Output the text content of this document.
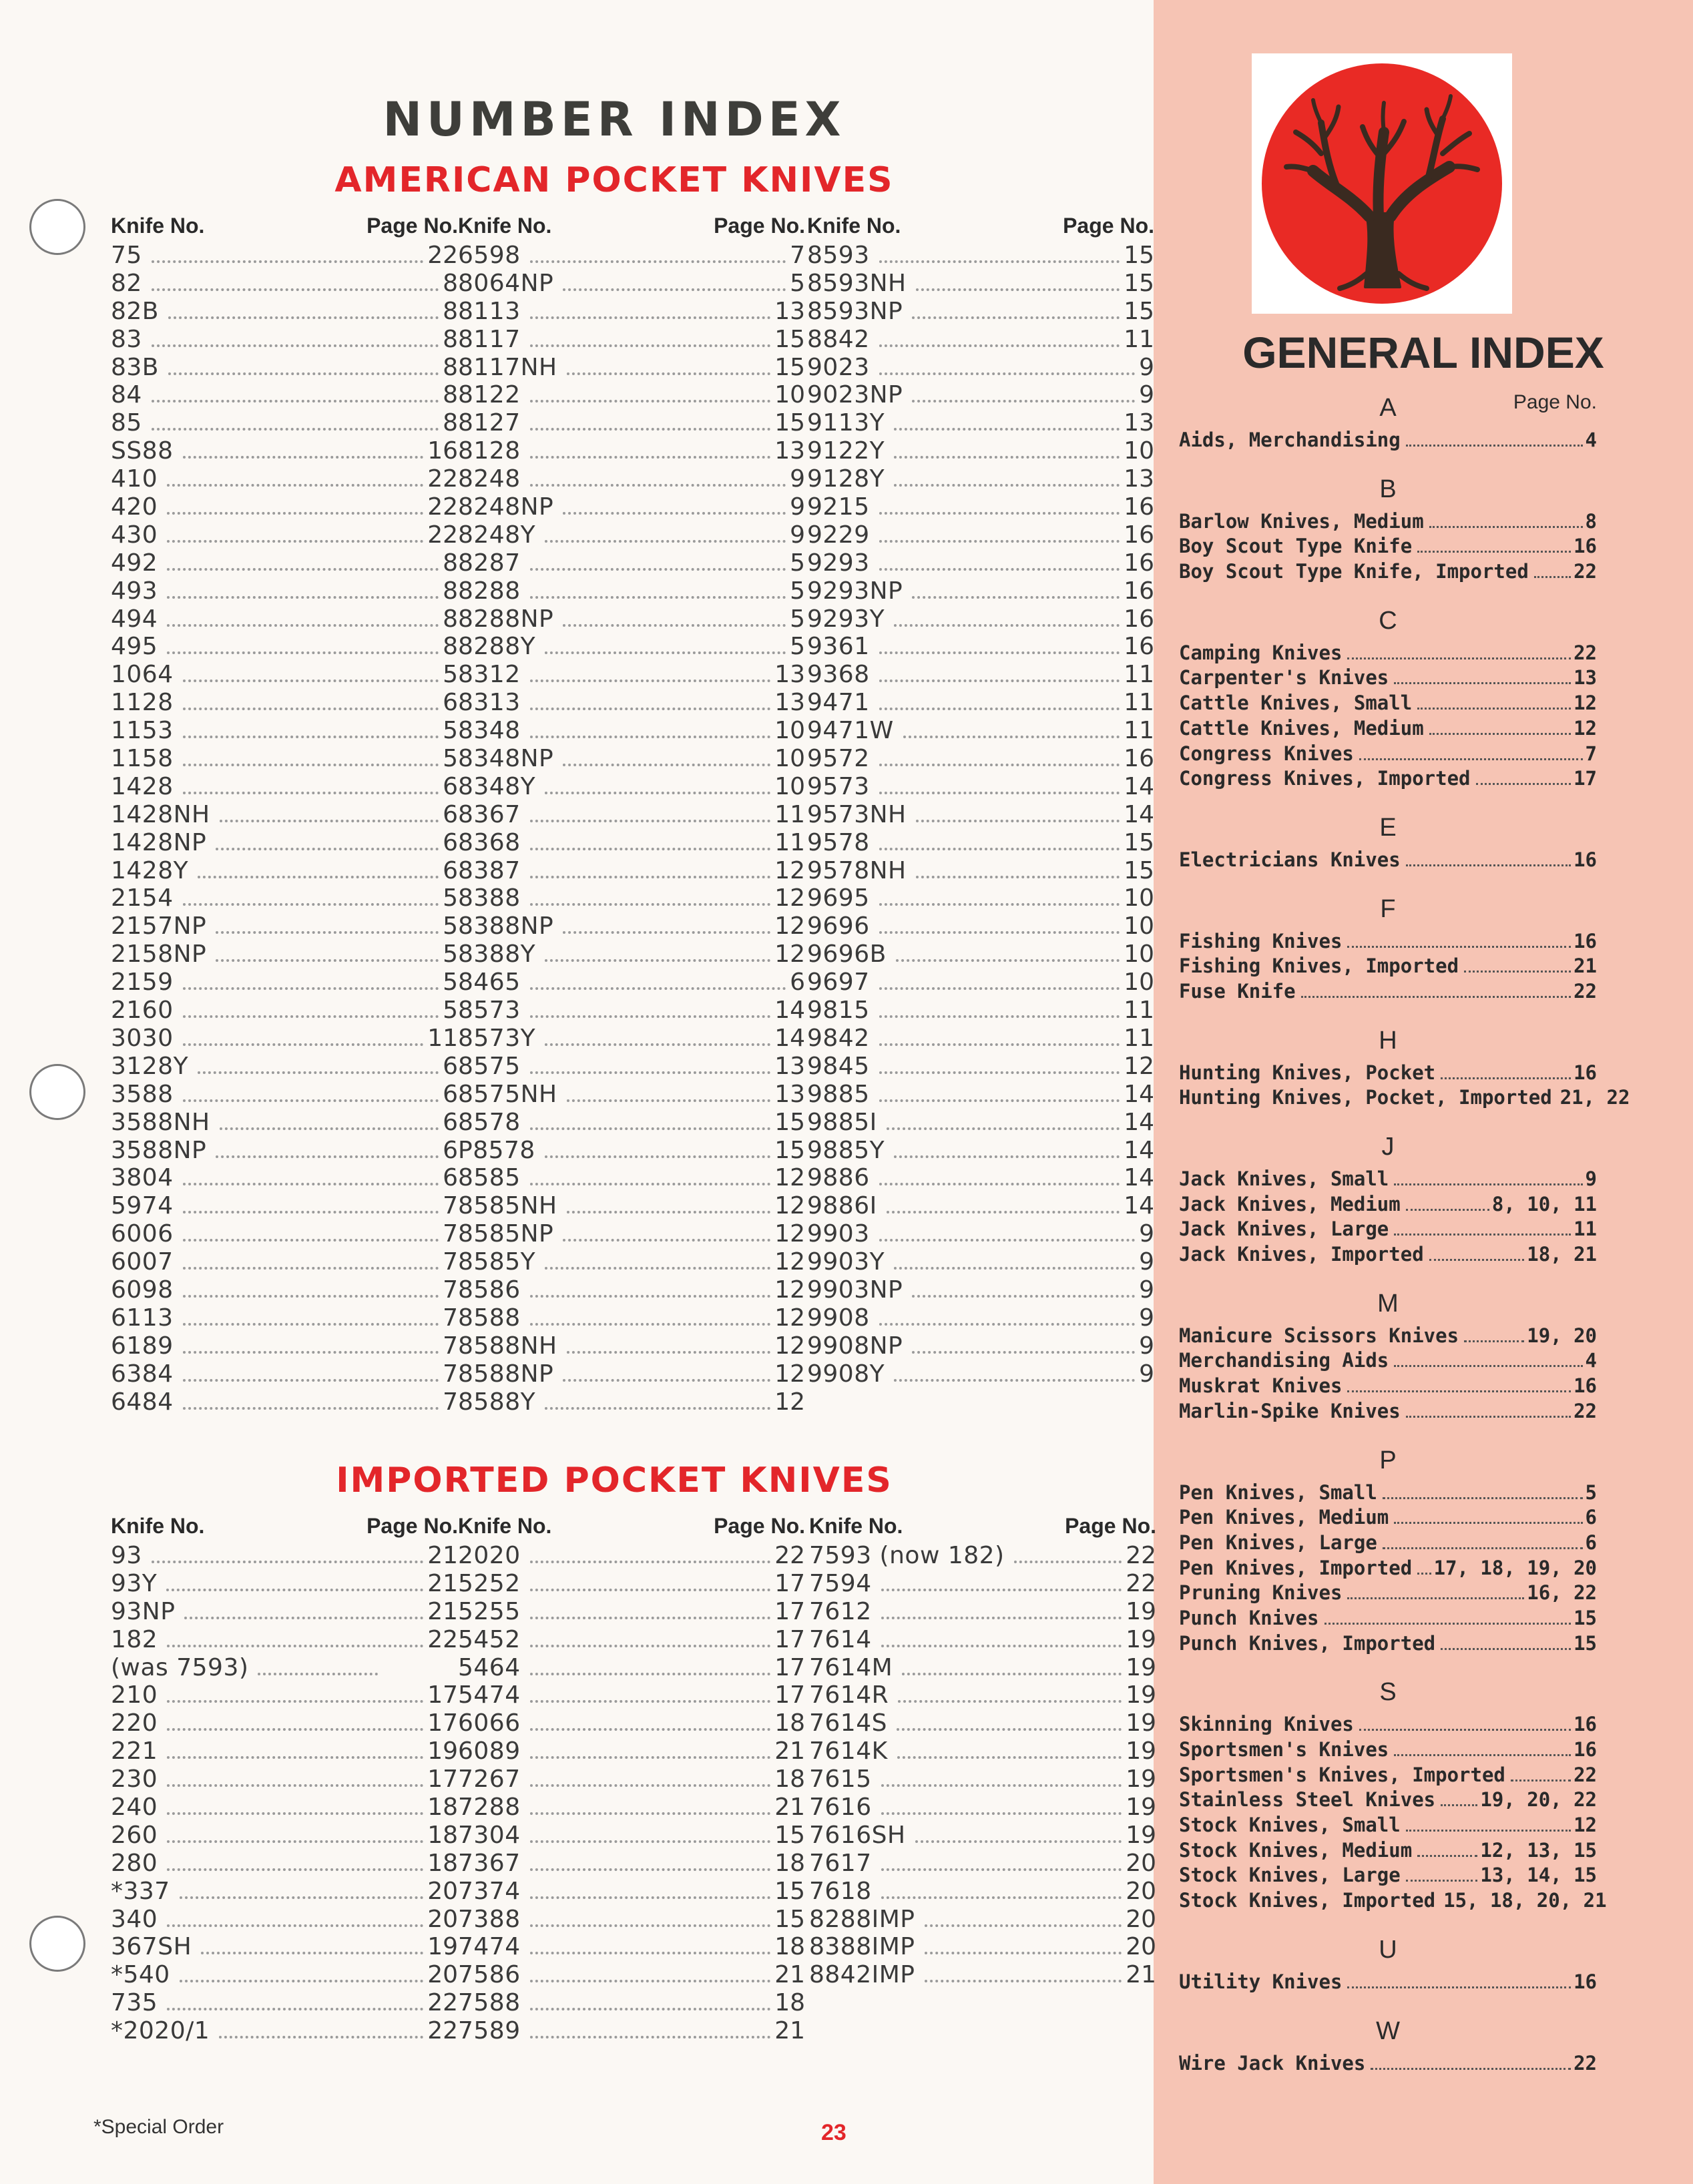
NUMBER INDEX
AMERICAN POCKET KNIVES
IMPORTED POCKET KNIVES
Knife No.	Page No.
75	22
82	8
82B	8
83	8
83B	8
84	8
85	8
SS88	16
410	22
420	22
430	22
492	8
493	8
494	8
495	8
1064	5
1128	6
1153	5
1158	5
1428	6
1428NH	6
1428NP	6
1428Y	6
2154	5
2157NP	5
2158NP	5
2159	5
2160	5
3030	11
3128Y	6
3588	6
3588NH	6
3588NP	6
3804	6
5974	7
6006	7
6007	7
6098	7
6113	7
6189	7
6384	7
6484	7
Knife No.	Page No.
6598	7
8064NP	5
8113	13
8117	15
8117NH	15
8122	10
8127	15
8128	13
8248	9
8248NP	9
8248Y	9
8287	5
8288	5
8288NP	5
8288Y	5
8312	13
8313	13
8348	10
8348NP	10
8348Y	10
8367	11
8368	11
8387	12
8388	12
8388NP	12
8388Y	12
8465	6
8573	14
8573Y	14
8575	13
8575NH	13
8578	15
P8578	15
8585	12
8585NH	12
8585NP	12
8585Y	12
8586	12
8588	12
8588NH	12
8588NP	12
8588Y	12
Knife No.	Page No.
8593	15
8593NH	15
8593NP	15
8842	11
9023	9
9023NP	9
9113Y	13
9122Y	10
9128Y	13
9215	16
9229	16
9293	16
9293NP	16
9293Y	16
9361	16
9368	11
9471	11
9471W	11
9572	16
9573	14
9573NH	14
9578	15
9578NH	15
9695	10
9696	10
9696B	10
9697	10
9815	11
9842	11
9845	12
9885	14
9885I	14
9885Y	14
9886	14
9886I	14
9903	9
9903Y	9
9903NP	9
9908	9
9908NP	9
9908Y	9
Knife No.	Page No.
93	21
93Y	21
93NP	21
182	22
(was 7593)
210	17
220	17
221	19
230	17
240	18
260	18
280	18
*337	20
340	20
367SH	19
*540	20
735	22
*2020/1	22
Knife No.	Page No.
2020	22
5252	17
5255	17
5452	17
5464	17
5474	17
6066	18
6089	21
7267	18
7288	21
7304	15
7367	18
7374	15
7388	15
7474	18
7586	21
7588	18
7589	21
Knife No.	Page No.
7593 (now 182)	22
7594	22
7612	19
7614	19
7614M	19
7614R	19
7614S	19
7614K	19
7615	19
7616	19
7616SH	19
7617	20
7618	20
8288IMP	20
8388IMP	20
8842IMP	21
*Special Order	23
GENERAL INDEX
A	Page No.
Aids, Merchandising	4
B
Barlow Knives, Medium	8
Boy Scout Type Knife	16
Boy Scout Type Knife, Imported 22
C
Camping Knives	22
Carpenter's Knives	13
Cattle Knives, Small	12
Cattle Knives, Medium	12
Congress Knives	7
Congress Knives, Imported	17
E
Electricians Knives	16
F
Fishing Knives	16
Fishing Knives, Imported	21
Fuse Knife	22
H
Hunting Knives, Pocket	16
Hunting Knives, Pocket, Imported 21, 22
J
Jack Knives, Small	9
Jack Knives, Medium	8, 10, 11
Jack Knives, Large	11
Jack Knives, Imported	18, 21
M
Manicure Scissors Knives	19, 20
Merchandising Aids	4
Muskrat Knives	16
Marlin-Spike Knives	22
P
Pen Knives, Small	5
Pen Knives, Medium	6
Pen Knives, Large	6
Pen Knives, Imported 17, 18, 19, 20
Pruning Knives	16, 22
Punch Knives	15
Punch Knives, Imported	15
S
Skinning Knives	16
Sportsmen's Knives	16
Sportsmen's Knives, Imported	22
Stainless Steel Knives 19, 20, 22
Stock Knives, Small	12
Stock Knives, Medium	12, 13, 15
Stock Knives, Large	13, 14, 15
Stock Knives, Imported 15, 18, 20, 21
U
Utility Knives	16
W
Wire Jack Knives	22
